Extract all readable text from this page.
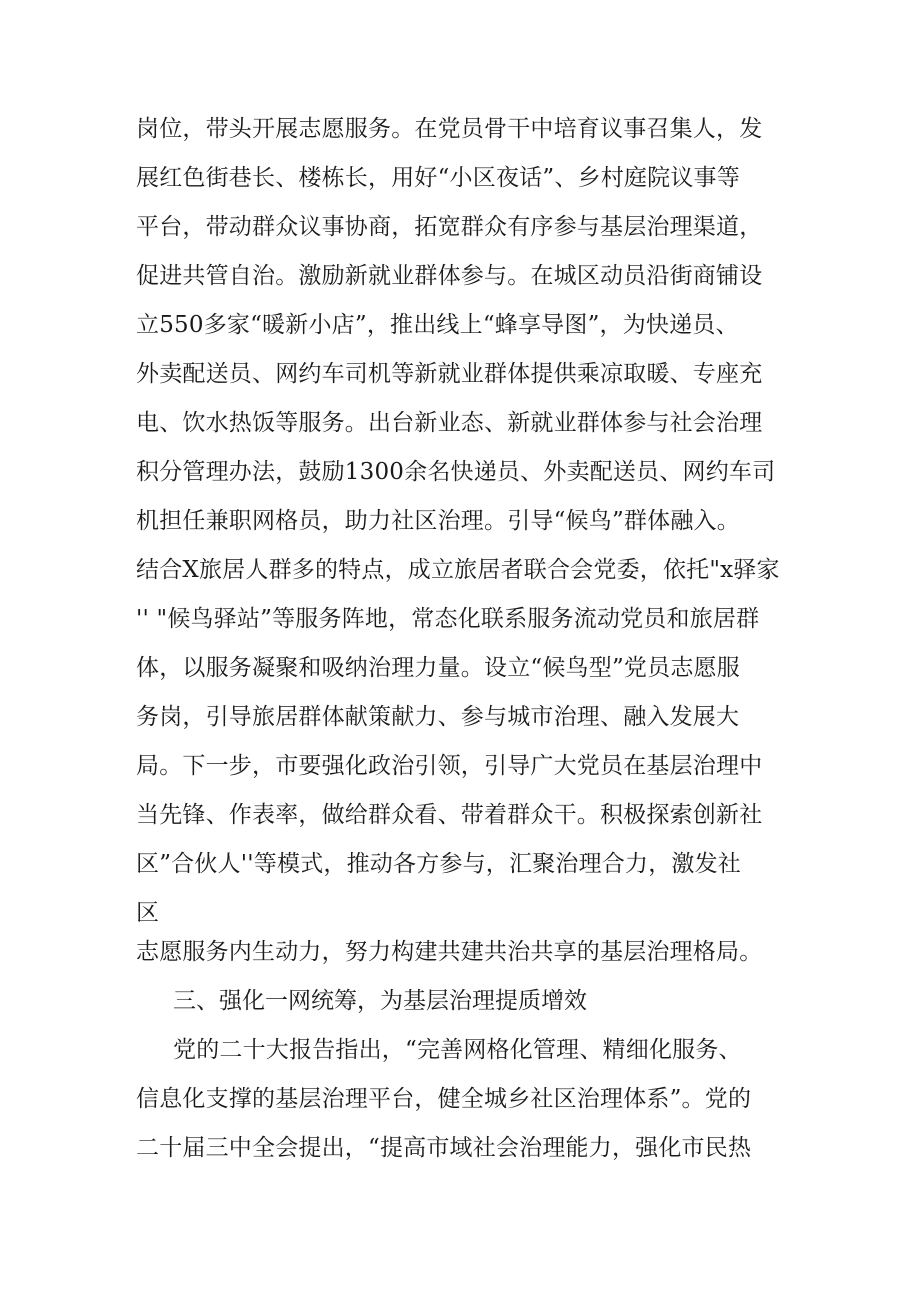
岗位，带头开展志愿服务。在党员骨干中培育议事召集人，发
展红色街巷长、楼栋长，用好“小区夜话”、乡村庭院议事等
平台，带动群众议事协商，拓宽群众有序参与基层治理渠道，
促进共管自治。激励新就业群体参与。在城区动员沿街商铺设
立550多家“暖新小店”，推出线上“蜂享导图”，为快递员、
外卖配送员、网约车司机等新就业群体提供乘凉取暖、专座充
电、饮水热饭等服务。出台新业态、新就业群体参与社会治理
积分管理办法，鼓励1300余名快递员、外卖配送员、网约车司
机担任兼职网格员，助力社区治理。引导“候鸟”群体融入。
结合X旅居人群多的特点，成立旅居者联合会党委，依托"x驿家
'' "候鸟驿站”等服务阵地，常态化联系服务流动党员和旅居群
体，以服务凝聚和吸纳治理力量。设立“候鸟型”党员志愿服
务岗，引导旅居群体献策献力、参与城市治理、融入发展大
局。下一步，市要强化政治引领，引导广大党员在基层治理中
当先锋、作表率，做给群众看、带着群众干。积极探索创新社
区”合伙人''等模式，推动各方参与，汇聚治理合力，激发社
区
志愿服务内生动力，努力构建共建共治共享的基层治理格局。
三、强化一网统筹，为基层治理提质增效
党的二十大报告指出，“完善网格化管理、精细化服务、
信息化支撑的基层治理平台，健全城乡社区治理体系”。党的
二十届三中全会提出，“提高市域社会治理能力，强化市民热
